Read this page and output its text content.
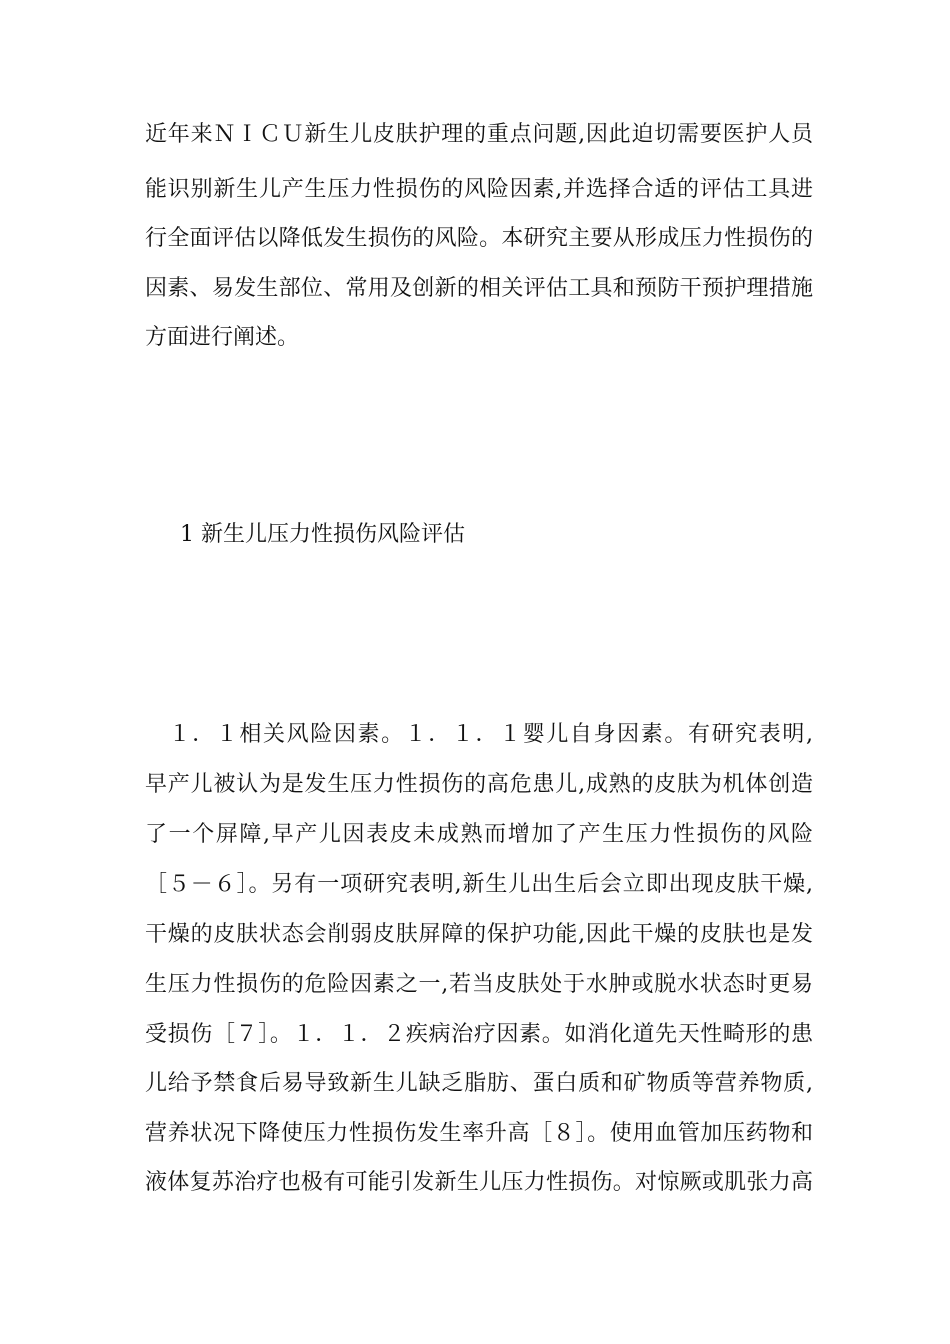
近年来ＮＩＣＵ新生儿皮肤护理的重点问题,因此迫切需要医护人员
能识别新生儿产生压力性损伤的风险因素,并选择合适的评估工具进
行全面评估以降低发生损伤的风险。本研究主要从形成压力性损伤的
因素、易发生部位、常用及创新的相关评估工具和预防干预护理措施
方面进行阐述。
1 新生儿压力性损伤风险评估
　１．１相关风险因素。１．１．１婴儿自身因素。有研究表明,
早产儿被认为是发生压力性损伤的高危患儿,成熟的皮肤为机体创造
了一个屏障,早产儿因表皮未成熟而增加了产生压力性损伤的风险
［５－６］。另有一项研究表明,新生儿出生后会立即出现皮肤干燥,
干燥的皮肤状态会削弱皮肤屏障的保护功能,因此干燥的皮肤也是发
生压力性损伤的危险因素之一,若当皮肤处于水肿或脱水状态时更易
受损伤［７］。１．１．２疾病治疗因素。如消化道先天性畸形的患
儿给予禁食后易导致新生儿缺乏脂肪、蛋白质和矿物质等营养物质,
营养状况下降使压力性损伤发生率升高［８］。使用血管加压药物和
液体复苏治疗也极有可能引发新生儿压力性损伤。对惊厥或肌张力高
